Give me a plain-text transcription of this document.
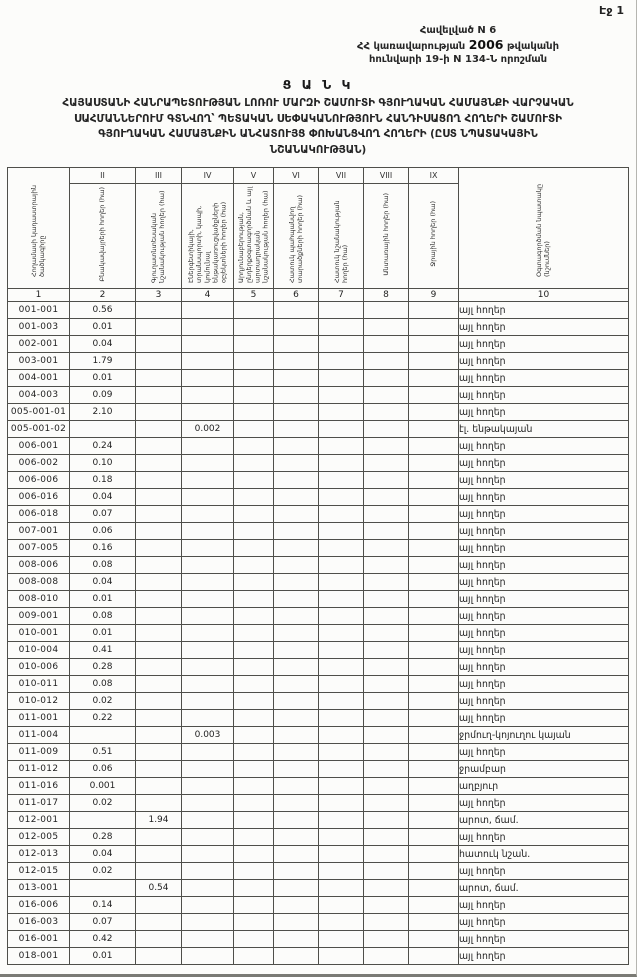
Էջ 1
Հավելված N 6
ՀՀ կառավարության 2006 թվականի
հունվարի 19-ի N 134-Ն որոշման
Ց Ա Ն Կ
ՀԱՅԱՍՏԱՆԻ ՀԱՆՐԱՊԵՏՈՒԹՅԱՆ ԼՈՌՈՒ ՄԱՐԶԻ ՇԱՄՈՒՏԻ ԳՅՈՒՂԱԿԱՆ ՀԱՄԱՅՆՔԻ ՎԱՐՉԱԿԱՆ
ՍԱՀՄԱՆՆԵՐՈՒՄ ԳՏՆՎՈՂ՝ ՊԵՏԱԿԱՆ ՍԵՓԱԿԱՆՈՒԹՅՈՒՆ ՀԱՆԴԻՍԱՑՈՂ ՀՈՂԵՐԻ ՇԱՄՈՒՏԻ
ԳՅՈՒՂԱԿԱՆ ՀԱՄԱՅՆՔԻՆ ԱՆՀԱՏՈՒՅՑ ՓՈԽԱՆՑՎՈՂ ՀՈՂԵՐԻ (ԸՍՏ ՆՊԱՏԱԿԱՅԻՆ
ՆՇԱՆԱԿՈՒԹՅԱՆ)
Հողամասի կադաստրային ծածկագիրը	II	III	IV	V	VI	VII	VIII	IX	Օգտագործման նպատակը (նշումներ)
	Բնակավայրերի հողեր (հա)	Գյուղատնտեսական նշանակության հողեր (հա)	Էներգետիկայի, տրանսպորտի, կապի, կոմունալ ենթակառուցվածքների օբյեկտների հողեր (հա)	Արդյունաբերության, ընդերքօգտագործման և այլ արտադրական նշանակության հողեր (հա)	Հատուկ պահպանվող տարածքների հողեր (հա)	Հատուկ նշանակության հողեր (հա)	Անտառային հողեր (հա)	Ջրային հողեր (հա)	
1	2	3	4	5	6	7	8	9	10
001-001	0.56								այլ հողեր
001-003	0.01								այլ հողեր
002-001	0.04								այլ հողեր
003-001	1.79								այլ հողեր
004-001	0.01								այլ հողեր
004-003	0.09								այլ հողեր
005-001-01	2.10								այլ հողեր
005-001-02			0.002						էլ. ենթակայան
006-001	0.24								այլ հողեր
006-002	0.10								այլ հողեր
006-006	0.18								այլ հողեր
006-016	0.04								այլ հողեր
006-018	0.07								այլ հողեր
007-001	0.06								այլ հողեր
007-005	0.16								այլ հողեր
008-006	0.08								այլ հողեր
008-008	0.04								այլ հողեր
008-010	0.01								այլ հողեր
009-001	0.08								այլ հողեր
010-001	0.01								այլ հողեր
010-004	0.41								այլ հողեր
010-006	0.28								այլ հողեր
010-011	0.08								այլ հողեր
010-012	0.02								այլ հողեր
011-001	0.22								այլ հողեր
011-004			0.003						ջրմուղ-կոյուղու կայան
011-009	0.51								այլ հողեր
011-012	0.06								ջրամբար
011-016	0.001								աղբյուր
011-017	0.02								այլ հողեր
012-001		1.94							արոտ, ճամ.
012-005	0.28								այլ հողեր
012-013	0.04								հատուկ նշան.
012-015	0.02								այլ հողեր
013-001		0.54							արոտ, ճամ.
016-006	0.14								այլ հողեր
016-003	0.07								այլ հողեր
016-001	0.42								այլ հողեր
018-001	0.01								այլ հողեր
